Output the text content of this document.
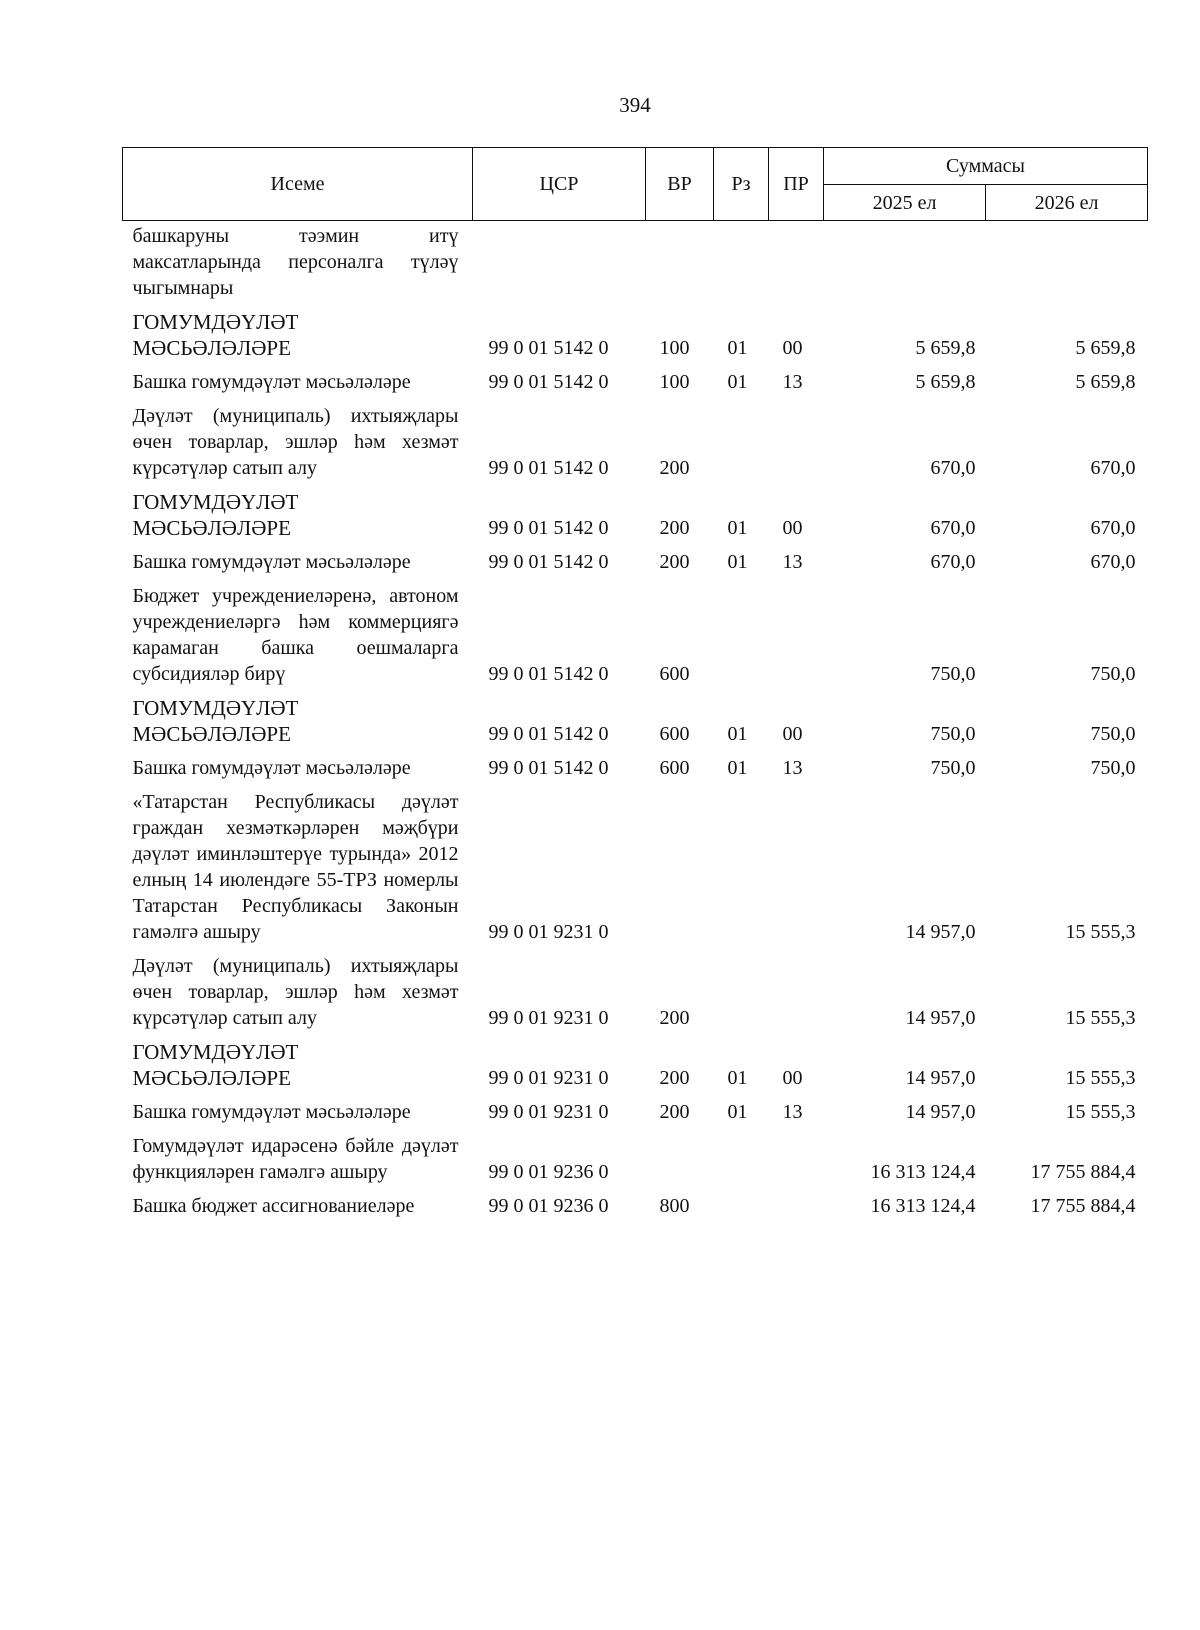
394
Исеме	ЦСР	ВР	Рз	ПР	Суммасы	
					2025 ел	2026 ел
башкаруны тәэмин итү максатларында персоналга түләү чыгымнары						
ГОМУМДӘҮЛӘТ МӘСЬӘЛӘЛӘРЕ	99 0 01 5142 0	100	01	00	5 659,8	5 659,8
Башка гомумдәүләт мәсьәләләре	99 0 01 5142 0	100	01	13	5 659,8	5 659,8
Дәүләт (муниципаль) ихтыяҗлары өчен товарлар, эшләр һәм хезмәт күрсәтүләр сатып алу	99 0 01 5142 0	200			670,0	670,0
ГОМУМДӘҮЛӘТ МӘСЬӘЛӘЛӘРЕ	99 0 01 5142 0	200	01	00	670,0	670,0
Башка гомумдәүләт мәсьәләләре	99 0 01 5142 0	200	01	13	670,0	670,0
Бюджет учреждениеләренә, автоном учреждениеләргә һәм коммерциягә карамаган башка оешмаларга субсидияләр бирү	99 0 01 5142 0	600			750,0	750,0
ГОМУМДӘҮЛӘТ МӘСЬӘЛӘЛӘРЕ	99 0 01 5142 0	600	01	00	750,0	750,0
Башка гомумдәүләт мәсьәләләре	99 0 01 5142 0	600	01	13	750,0	750,0
«Татарстан Республикасы дәүләт граждан хезмәткәрләрен мәҗбүри дәүләт иминләштерүе турында» 2012 елның 14 июлендәге 55-ТРЗ номерлы Татарстан Республикасы Законын гамәлгә ашыру	99 0 01 9231 0				14 957,0	15 555,3
Дәүләт (муниципаль) ихтыяҗлары өчен товарлар, эшләр һәм хезмәт күрсәтүләр сатып алу	99 0 01 9231 0	200			14 957,0	15 555,3
ГОМУМДӘҮЛӘТ МӘСЬӘЛӘЛӘРЕ	99 0 01 9231 0	200	01	00	14 957,0	15 555,3
Башка гомумдәүләт мәсьәләләре	99 0 01 9231 0	200	01	13	14 957,0	15 555,3
Гомумдәүләт идарәсенә бәйле дәүләт функцияләрен гамәлгә ашыру	99 0 01 9236 0				16 313 124,4	17 755 884,4
Башка бюджет ассигнованиеләре	99 0 01 9236 0	800			16 313 124,4	17 755 884,4
